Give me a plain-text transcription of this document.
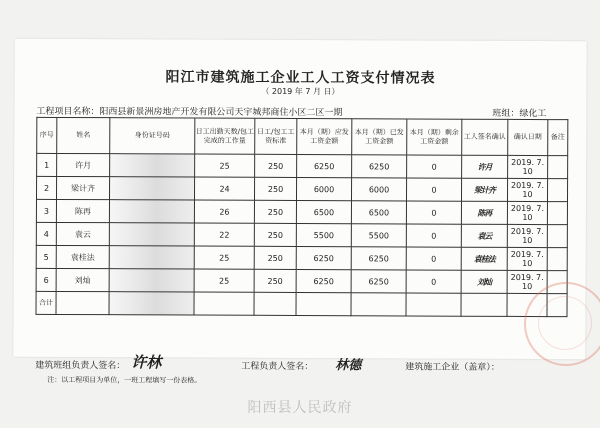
阳江市建筑施工企业工人工资支付情况表
（ 2019 年 7 月 日）
工程项目名称：阳西县新景洲房地产开发有限公司天宇城邦商住小区二区一期	班组：绿化工
序号	姓名	身份证号码	日工出勤天数/包工完成的工作量	日工/包工工资标准	本月（期）应发工资金额	本月（期）已发工资金额	本月（期）剩余工资金额	工人签名确认	确认日期	备注
1	许月		25	250	6250	6250	0	许月	2019. 7. 10	
2	梁计齐		24	250	6000	6000	0	梁计齐	2019. 7. 10	
3	陈再		26	250	6500	6500	0	陈再	2019. 7. 10	
4	袁云		22	250	5500	5500	0	袁云	2019. 7. 10	
5	袁桂法		25	250	6250	6250	0	袁桂法	2019. 7. 10	
6	刘灿		25	250	6250	6250	0	刘灿	2019. 7. 10	
合计										
建筑班组负责人签名： 许林	工程负责人签名： 林德	建筑施工企业（盖章）：
注：以工程项目为单位，一班工程填写一份表格。
阳西县人民政府
